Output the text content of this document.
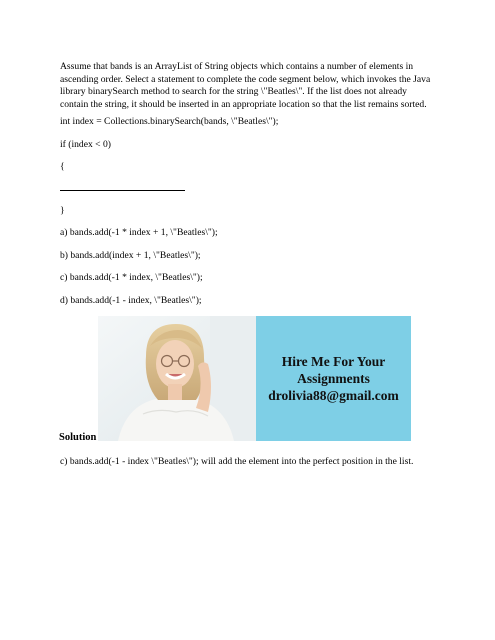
Assume that bands is an ArrayList of String objects which contains a number of elements in
ascending order. Select a statement to complete the code segment below, which invokes the Java
library binarySearch method to search for the string \"Beatles\". If the list does not already
contain the string, it should be inserted in an appropriate location so that the list remains sorted.
int index = Collections.binarySearch(bands, \"Beatles\");
if (index < 0)
{
}
a) bands.add(-1 * index + 1, \"Beatles\");
b) bands.add(index + 1, \"Beatles\");
c) bands.add(-1 * index, \"Beatles\");
d) bands.add(-1 - index, \"Beatles\");
Hire Me For Your
Assignments
drolivia88@gmail.com
Solution
c) bands.add(-1 - index \"Beatles\"); will add the element into the perfect position in the list.
